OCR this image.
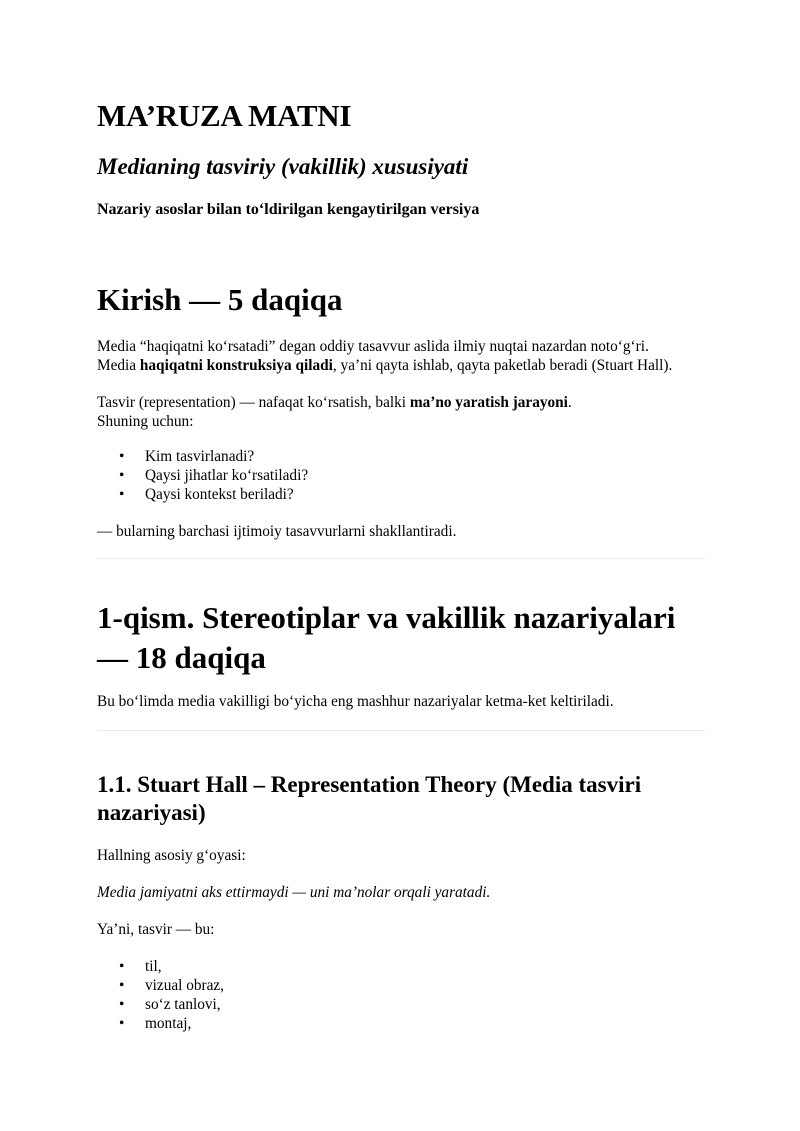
MA’RUZA MATNI

Medianing tasviriy (vakillik) xususiyati

Nazariy asoslar bilan to‘ldirilgan kengaytirilgan versiya

Kirish — 5 daqiqa

Media “haqiqatni ko‘rsatadi” degan oddiy tasavvur aslida ilmiy nuqtai nazardan noto‘g‘ri.

Media haqiqatni konstruksiya qiladi, ya’ni qayta ishlab, qayta paketlab beradi (Stuart Hall).

Tasvir (representation) — nafaqat ko‘rsatish, balki ma’no yaratish jarayoni.

Shuning uchun:

• Kim tasvirlanadi?
• Qaysi jihatlar ko‘rsatiladi?
• Qaysi kontekst beriladi?

— bularning barchasi ijtimoiy tasavvurlarni shakllantiradi.

1-qism. Stereotiplar va vakillik nazariyalari
— 18 daqiqa

Bu bo‘limda media vakilligi bo‘yicha eng mashhur nazariyalar ketma-ket keltiriladi.

1.1. Stuart Hall – Representation Theory (Media tasviri
nazariyasi)

Hallning asosiy g‘oyasi:

Media jamiyatni aks ettirmaydi — uni ma’nolar orqali yaratadi.

Ya’ni, tasvir — bu:

• til,
• vizual obraz,
• so‘z tanlovi,
• montaj,
